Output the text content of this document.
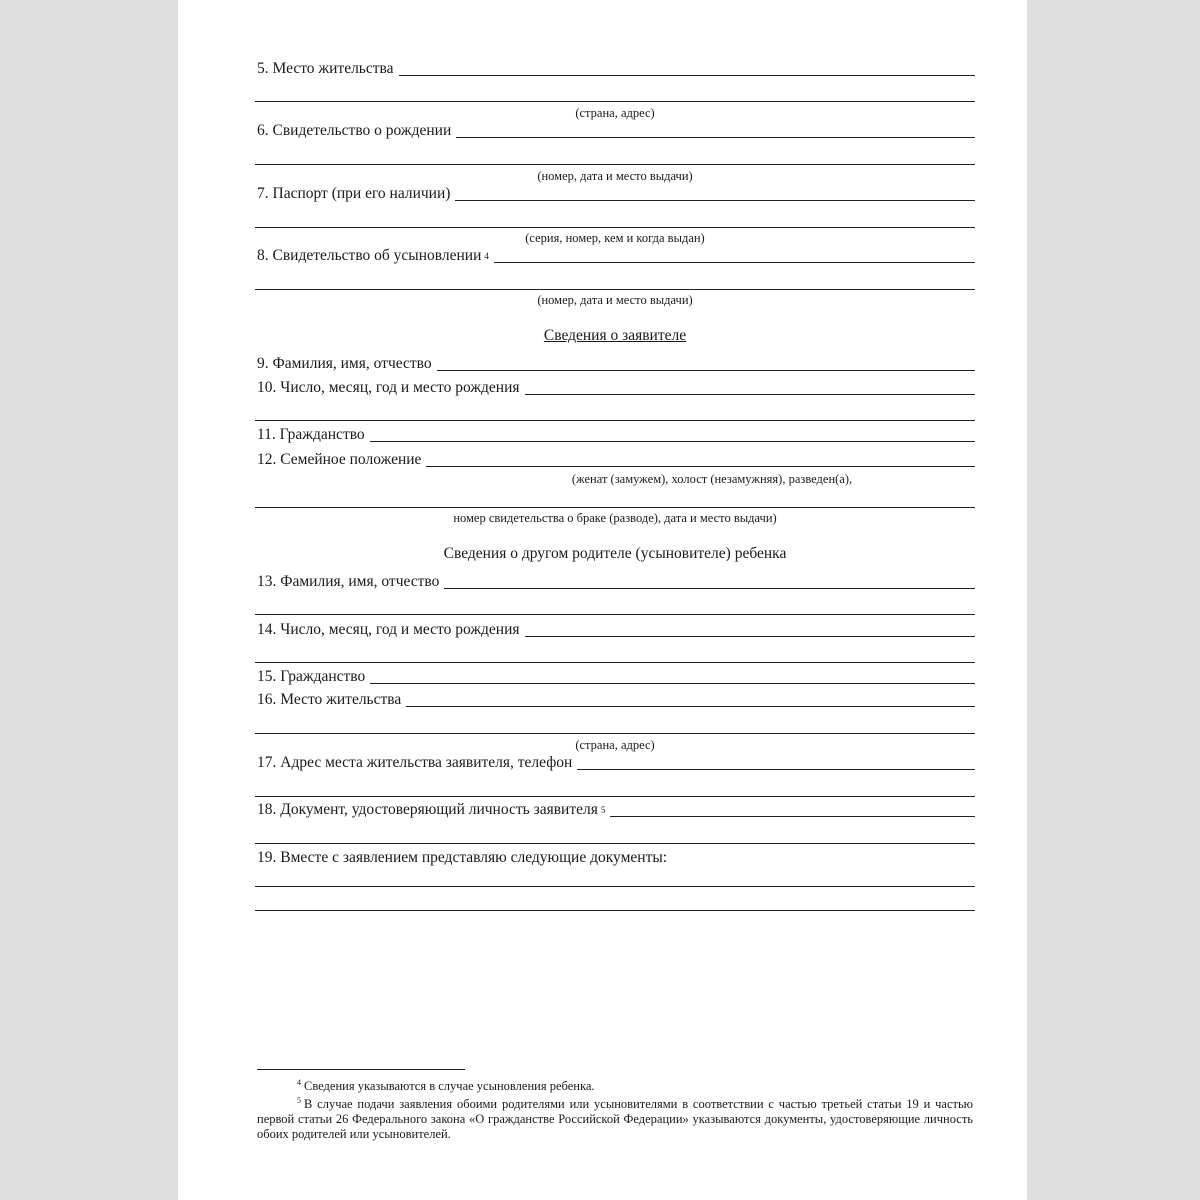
5. Место жительства
(страна, адрес)
6. Свидетельство о рождении
(номер, дата и место выдачи)
7. Паспорт (при его наличии)
(серия, номер, кем и когда выдан)
8. Свидетельство об усыновлении 4
(номер, дата и место выдачи)
Сведения о заявителе
9. Фамилия, имя, отчество
10. Число, месяц, год и место рождения
11. Гражданство
12. Семейное положение
(женат (замужем), холост (незамужняя), разведен(а),
номер свидетельства о браке (разводе), дата и место выдачи)
Сведения о другом родителе (усыновителе) ребенка
13. Фамилия, имя, отчество
14. Число, месяц, год и место рождения
15. Гражданство
16. Место жительства
(страна, адрес)
17. Адрес места жительства заявителя, телефон
18. Документ, удостоверяющий личность заявителя 5
19. Вместе с заявлением представляю следующие документы:
$^4$ Сведения указываются в случае усыновления ребенка.
$^5$ В случае подачи заявления обоими родителями или усыновителями в соответствии с частью третьей статьи 19 и частью первой статьи 26 Федерального закона «О гражданстве Российской Федерации» указываются документы, удостоверяющие личность обоих родителей или усыновителей.
